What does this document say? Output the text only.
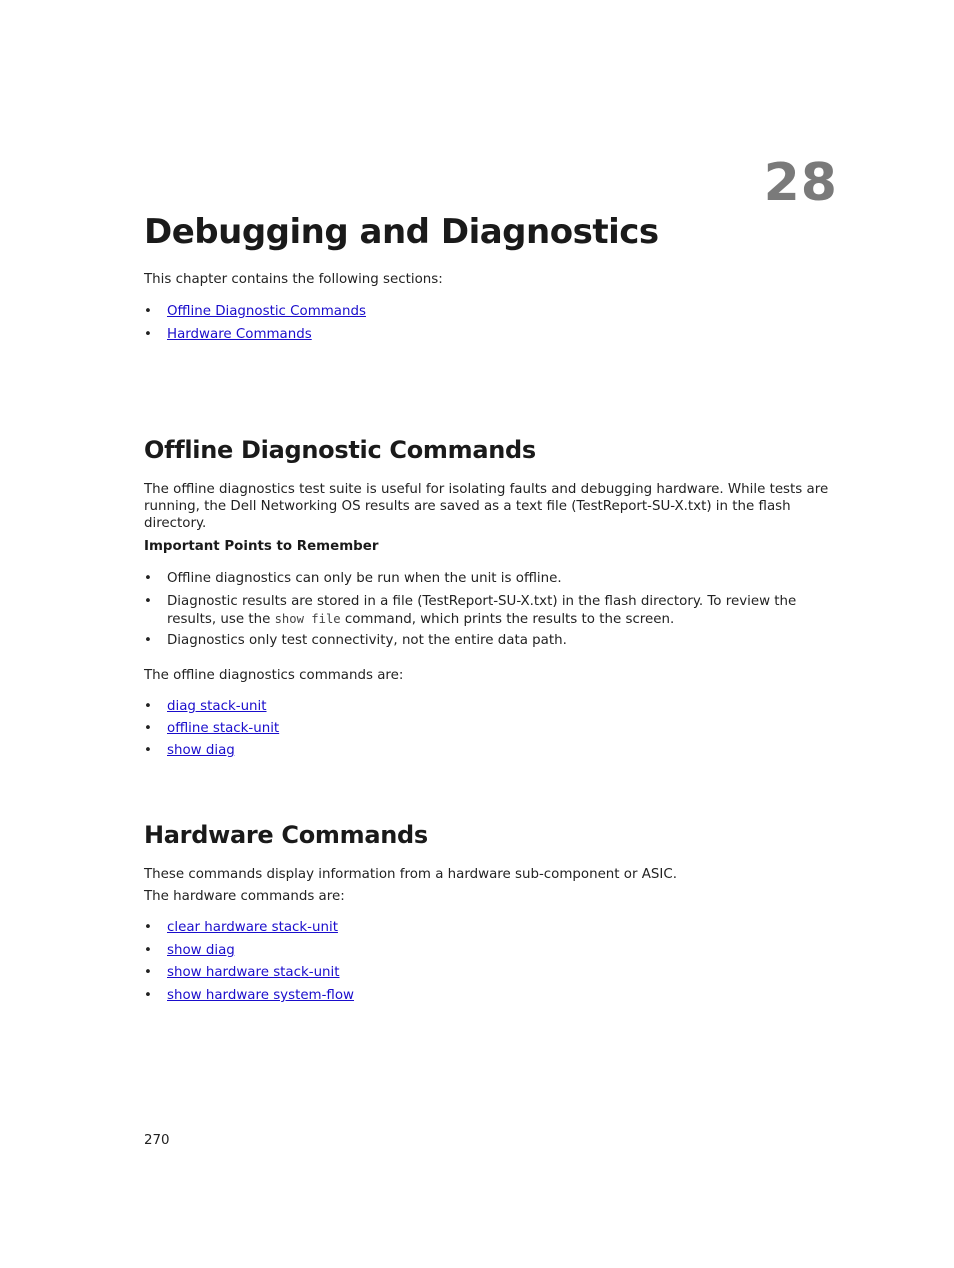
28
Debugging and Diagnostics
This chapter contains the following sections:
•	Offline Diagnostic Commands
•	Hardware Commands
Offline Diagnostic Commands
The offline diagnostics test suite is useful for isolating faults and debugging hardware. While tests are running, the Dell Networking OS results are saved as a text file (TestReport-SU-X.txt) in the flash directory.
Important Points to Remember
•	Offline diagnostics can only be run when the unit is offline.
•	Diagnostic results are stored in a file (TestReport-SU-X.txt) in the flash directory. To review the results, use the show file command, which prints the results to the screen.
•	Diagnostics only test connectivity, not the entire data path.
The offline diagnostics commands are:
•	diag stack-unit
•	offline stack-unit
•	show diag
Hardware Commands
These commands display information from a hardware sub-component or ASIC.
The hardware commands are:
•	clear hardware stack-unit
•	show diag
•	show hardware stack-unit
•	show hardware system-flow
270
